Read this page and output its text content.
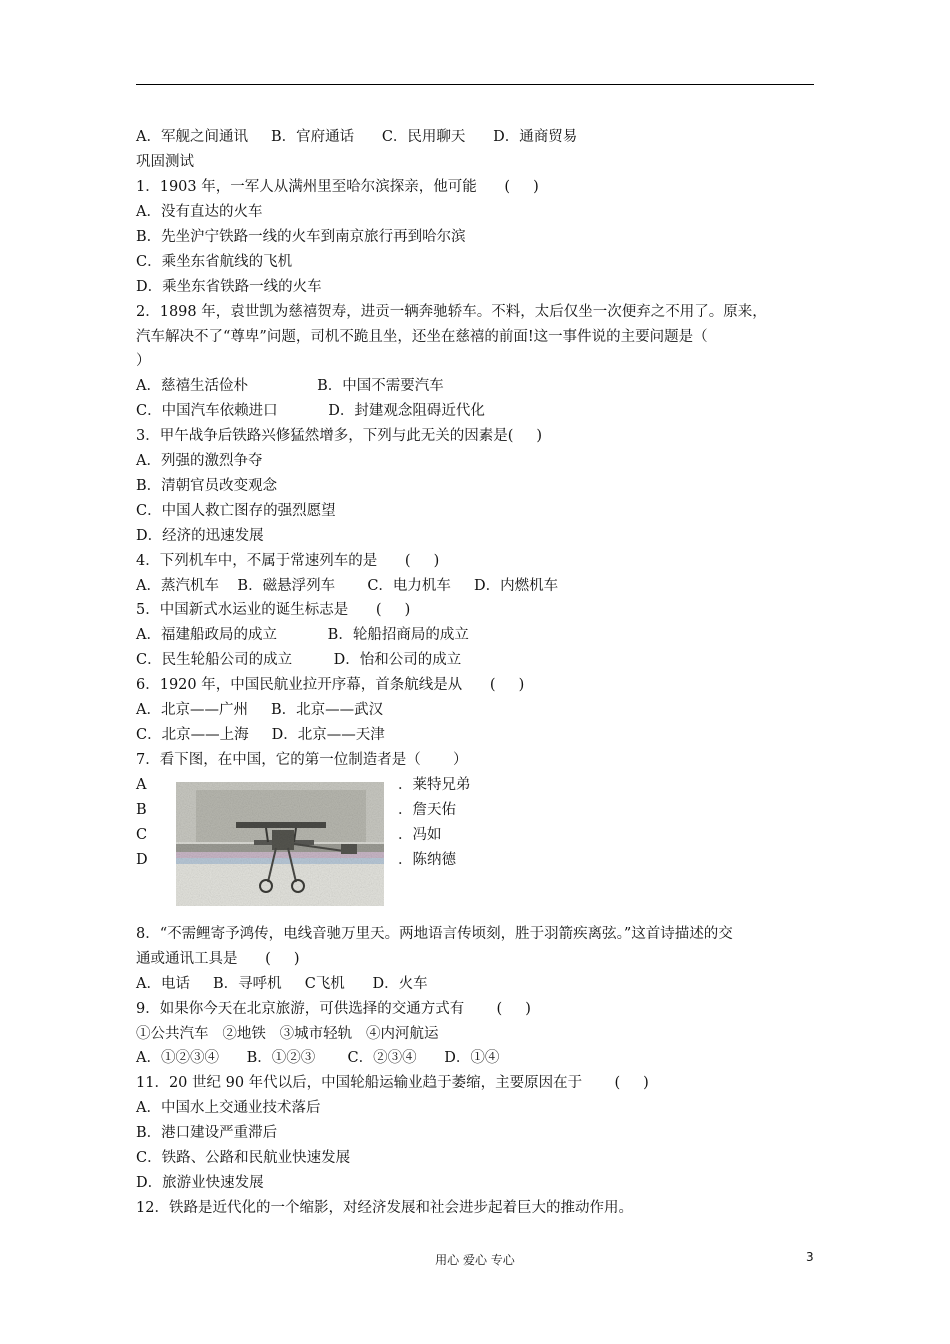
A．军舰之间通讯     B．官府通话      C．民用聊天      D．通商贸易
巩固测试
1．1903 年，一军人从满州里至哈尔滨探亲，他可能      (     )
A．没有直达的火车
B．先坐沪宁铁路一线的火车到南京旅行再到哈尔滨
C．乘坐东省航线的飞机
D．乘坐东省铁路一线的火车
2．1898 年，袁世凯为慈禧贺寿，进贡一辆奔驰轿车。不料，太后仅坐一次便弃之不用了。原来，
汽车解决不了“尊卑”问题，司机不跪且坐，还坐在慈禧的前面!这一事件说的主要问题是（
）
A．慈禧生活俭朴               B．中国不需要汽车
C．中国汽车依赖进口           D．封建观念阻碍近代化
3．甲午战争后铁路兴修猛然增多，下列与此无关的因素是(     )
A．列强的激烈争夺
B．清朝官员改变观念
C．中国人救亡图存的强烈愿望
D．经济的迅速发展
4．下列机车中，不属于常速列车的是      (     )
A．蒸汽机车    B．磁悬浮列车       C．电力机车     D．内燃机车
5．中国新式水运业的诞生标志是      (     )
A．福建船政局的成立           B．轮船招商局的成立
C．民生轮船公司的成立         D．怡和公司的成立
6．1920 年，中国民航业拉开序幕，首条航线是从      (     )
A．北京——广州     B．北京——武汉
C．北京——上海     D．北京——天津
7．看下图，在中国，它的第一位制造者是（       ）
A
B
C
D
．莱特兄弟
．詹天佑
．冯如
．陈纳德
8．“不需鲤寄予鸿传，电线音驰万里天。两地语言传顷刻，胜于羽箭疾离弦。”这首诗描述的交
通或通讯工具是      (     )
A．电话     B．寻呼机     C飞机      D．火车
9．如果你今天在北京旅游，可供选择的交通方式有       (     )
①公共汽车   ②地铁   ③城市轻轨   ④内河航运
A．①②③④      B．①②③       C．②③④      D．①④
11．20 世纪 90 年代以后，中国轮船运输业趋于萎缩，主要原因在于       (     )
A．中国水上交通业技术落后
B．港口建设严重滞后
C．铁路、公路和民航业快速发展
D．旅游业快速发展
12．铁路是近代化的一个缩影，对经济发展和社会进步起着巨大的推动作用。
用心 爱心 专心	3
